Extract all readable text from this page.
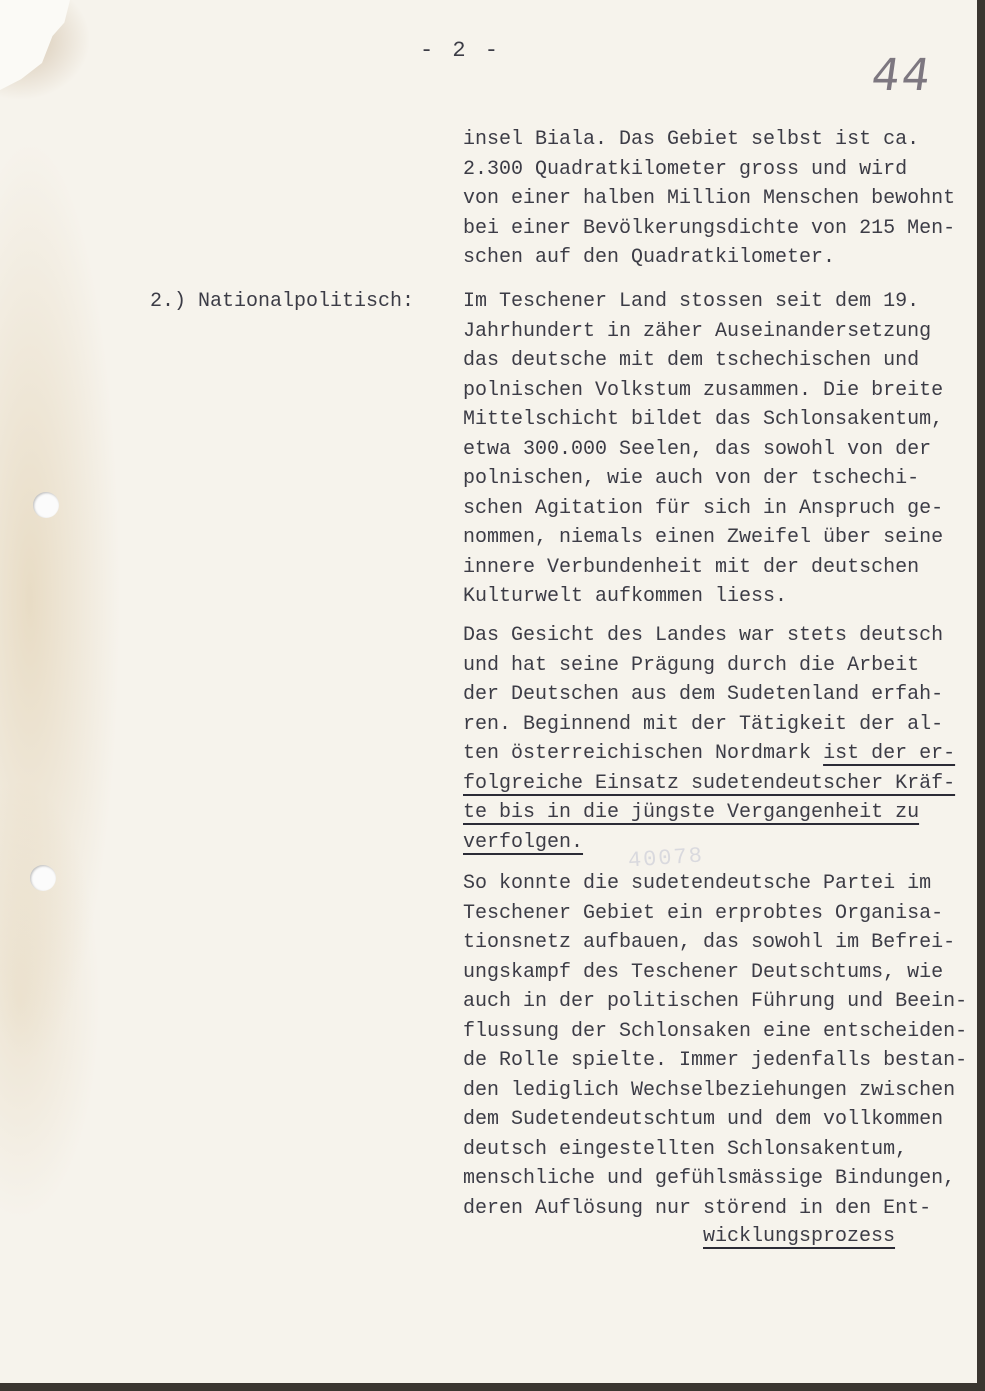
- 2 -	44
insel Biala. Das Gebiet selbst ist ca.
2.300 Quadratkilometer gross und wird
von einer halben Million Menschen bewohnt
bei einer Bevölkerungsdichte von 215 Men-
schen auf den Quadratkilometer.
2.) Nationalpolitisch: Im Teschener Land stossen seit dem 19.
Jahrhundert in zäher Auseinandersetzung
das deutsche mit dem tschechischen und
polnischen Volkstum zusammen. Die breite
Mittelschicht bildet das Schlonsakentum,
etwa 300.000 Seelen, das sowohl von der
polnischen, wie auch von der tschechi-
schen Agitation für sich in Anspruch ge-
nommen, niemals einen Zweifel über seine
innere Verbundenheit mit der deutschen
Kulturwelt aufkommen liess.
Das Gesicht des Landes war stets deutsch
und hat seine Prägung durch die Arbeit
der Deutschen aus dem Sudetenland erfah-
ren. Beginnend mit der Tätigkeit der al-
ten österreichischen Nordmark ist der er-
folgreiche Einsatz sudetendeutscher Kräf-
te bis in die jüngste Vergangenheit zu
verfolgen.
40078
So konnte die sudetendeutsche Partei im
Teschener Gebiet ein erprobtes Organisa-
tionsnetz aufbauen, das sowohl im Befrei-
ungskampf des Teschener Deutschtums, wie
auch in der politischen Führung und Beein-
flussung der Schlonsaken eine entscheiden-
de Rolle spielte. Immer jedenfalls bestan-
den lediglich Wechselbeziehungen zwischen
dem Sudetendeutschtum und dem vollkommen
deutsch eingestellten Schlonsakentum,
menschliche und gefühlsmässige Bindungen,
deren Auflösung nur störend in den Ent-
wicklungsprozess
